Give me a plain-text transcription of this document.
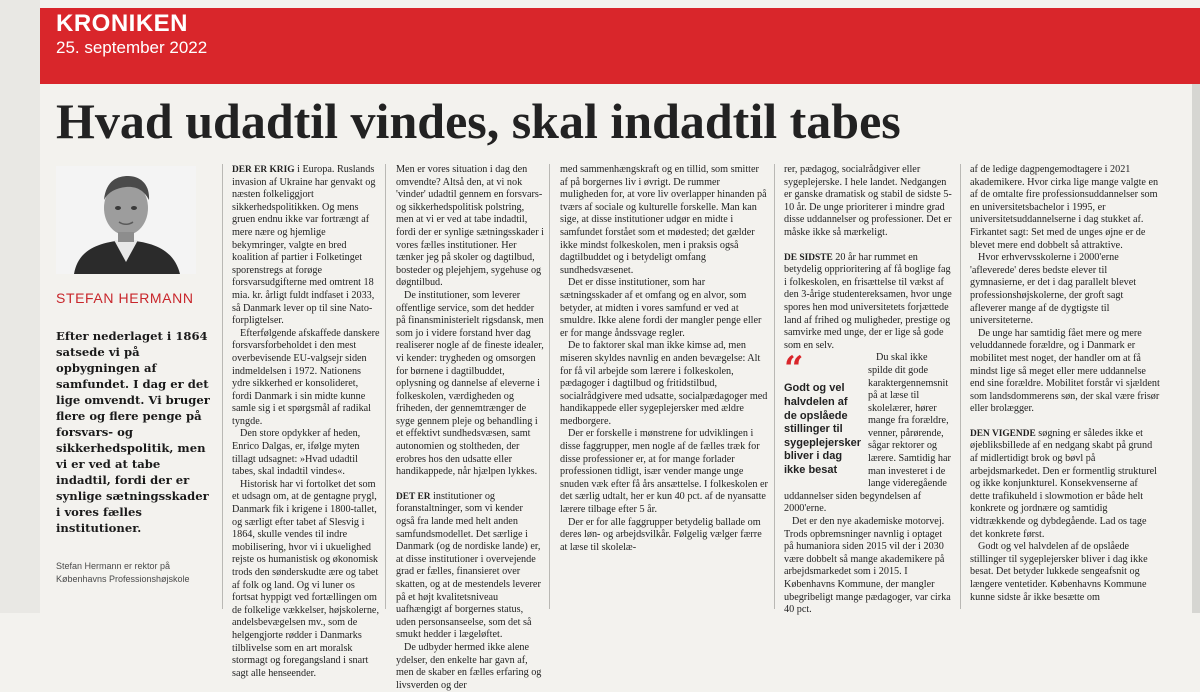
KRONIKEN
25. september 2022
Hvad udadtil vindes, skal indadtil tabes
STEFAN HERMANN
Efter nederlaget i 1864 satsede vi på opbygningen af samfundet. I dag er det lige omvendt. Vi bruger flere og flere penge på forsvars- og sikkerhedspolitik, men vi er ved at tabe indadtil, fordi der er synlige sætningsskader i vores fælles institutioner.
Stefan Hermann er rektor på Københavns Professionshøjskole

DER ER KRIG i Europa. Ruslands invasion af Ukraine har genvakt og næsten folkeliggjort sikkerhedspolitikken. Og mens gruen endnu ikke var fortrængt af mere nære og hjemlige bekymringer, valgte en bred koalition af partier i Folketinget sporenstregs at forøge forsvarsudgifterne med omtrent 18 mia. kr. årligt fuldt indfaset i 2033, så Danmark lever op til sine Nato-forpligtelser.

Efterfølgende afskaffede danskere forsvarsforbeholdet i den mest overbevisende EU-valgsejr siden indmeldelsen i 1972. Nationens ydre sikkerhed er konsolideret, fordi Danmark i sin midte kunne samle sig i et spørgsmål af radikal tyngde.

Den store opdykker af heden, Enrico Dalgas, er, ifølge myten tillagt udsagnet: »Hvad udadtil tabes, skal indadtil vindes«.

Historisk har vi fortolket det som et udsagn om, at de gentagne prygl, Danmark fik i krigene i 1800-tallet, og særligt efter tabet af Slesvig i 1864, skulle vendes til indre mobilisering, hvor vi i ukuelighed rejste os humanistisk og økonomisk trods den sønderskudte ære og tabet af folk og land. Og vi luner os fortsat hyppigt ved fortællingen om de folkelige vækkelser, højskolerne, andelsbevægelsen mv., som de helgengjorte rødder i Danmarks tilblivelse som en art moralsk stormagt og foregangsland i snart sagt alle henseender.

Men er vores situation i dag den omvendte? Altså den, at vi nok 'vinder' udadtil gennem en forsvars- og sikkerhedspolitisk polstring, men at vi er ved at tabe indadtil, fordi der er synlige sætningsskader i vores fælles institutioner. Her tænker jeg på skoler og dagtilbud, bosteder og plejehjem, sygehuse og døgntilbud.

De institutioner, som leverer offentlige service, som det hedder på finansministerielt rigsdansk, men som jo i videre forstand hver dag realiserer nogle af de fineste idealer, vi kender: trygheden og omsorgen for børnene i dagtilbuddet, oplysning og dannelse af eleverne i folkeskolen, værdigheden og friheden, der gennemtrænger de syge gennem pleje og behandling i et effektivt sundhedsvæsen, samt autonomien og stoltheden, der erobres hos den udsatte eller handikappede, når hjælpen lykkes.

DET ER institutioner og foranstaltninger, som vi kender også fra lande med helt anden samfundsmodellet. Det særlige i Danmark (og de nordiske lande) er, at disse institutioner i overvejende grad er fælles, finansieret over skatten, og at de mestendels leverer på et højt kvalitetsniveau uafhængigt af borgernes status, uden personsanseelse, som det så smukt hedder i lægeløftet.

De udbyder hermed ikke alene ydelser, den enkelte har gavn af, men de skaber en fælles erfaring og livsverden og der

med sammenhængskraft og en tillid, som smitter af på borgernes liv i øvrigt. De rummer muligheden for, at vore liv overlapper hinanden på tværs af sociale og kulturelle forskelle. Man kan sige, at disse institutioner udgør en midte i samfundet forstået som et mødested; det gælder ikke mindst folkeskolen, men i praksis også dagtilbuddet og i betydeligt omfang sundhedsvæsenet.

Det er disse institutioner, som har sætningsskader af et omfang og en alvor, som betyder, at midten i vores samfund er ved at smuldre. Ikke alene fordi der mangler penge eller er for mange åndssvage regler.

De to faktorer skal man ikke kimse ad, men miseren skyldes navnlig en anden bevægelse: Alt for få vil arbejde som lærere i folkeskolen, pædagoger i dagtilbud og fritidstilbud, socialrådgivere med udsatte, socialpædagoger med handikappede eller sygeplejersker med ældre medborgere.

Der er forskelle i mønstrene for udviklingen i disse faggrupper, men nogle af de fælles træk for disse professioner er, at for mange forlader professionen tidligt, især vender mange unge snuden væk efter få års ansættelse. I folkeskolen er det særlig udtalt, her er kun 40 pct. af de nyansatte lærere tilbage efter 5 år.

Der er for alle faggrupper betydelig ballade om deres løn- og arbejdsvilkår. Følgelig vælger færre at læse til skolelæ-

rer, pædagog, socialrådgiver eller sygeplejerske. I hele landet. Nedgangen er ganske dramatisk og stabil de sidste 5-10 år. De unge prioriterer i mindre grad disse uddannelser og professioner. Det er måske ikke så mærkeligt.

DE SIDSTE 20 år har rummet en betydelig opprioritering af få boglige fag i folkeskolen, en frisættelse til vækst af den 3-årige studentereksamen, hvor unge spores hen mod universitetets forjættede land af frihed og muligheder, prestige og samvirke med unge, der er lige så gode som en selv.

“
Godt og vel halvdelen af de opslåede stillinger til sygeplejersker bliver i dag ikke besat

Du skal ikke spilde dit gode karaktergennemsnit på at læse til skolelærer, hører mange fra forældre, venner, pårørende, sågar rektorer og lærere. Samtidig har man investeret i de lange videregående uddannelser siden begyndelsen af 2000'erne.

Det er den nye akademiske motorvej. Trods opbremsninger navnlig i optaget på humaniora siden 2015 vil der i 2030 være dobbelt så mange akademikere på arbejdsmarkedet som i 2015. I Københavns Kommune, der mangler ubegribeligt mange pædagoger, var cirka 40 pct.

af de ledige dagpengemodtagere i 2021 akademikere. Hvor cirka lige mange valgte en af de omtalte fire professionsuddannelser som en universitetsbachelor i 1995, er universitetsuddannelserne i dag stukket af. Firkantet sagt: Set med de unges øjne er de blevet mere end dobbelt så attraktive.

Hvor erhvervsskolerne i 2000'erne 'afleverede' deres bedste elever til gymnasierne, er det i dag parallelt blevet professionshøjskolerne, der groft sagt afleverer mange af de dygtigste til universiteterne.

De unge har samtidig fået mere og mere veluddannede forældre, og i Danmark er mobilitet mest noget, der handler om at få mindst lige så meget eller mere uddannelse end sine forældre. Mobilitet forstår vi sjældent som landsdommerens søn, der skal være frisør eller brolægger.

DEN VIGENDE søgning er således ikke et øjebliksbillede af en nedgang skabt på grund af midlertidigt brok og bøvl på arbejdsmarkedet. Den er formentlig strukturel og ikke konjunkturel. Konsekvenserne af dette trafikuheld i slowmotion er både helt konkrete og jordnære og samtidig vidtrækkende og dybdegående. Lad os tage det konkrete først.

Godt og vel halvdelen af de opslåede stillinger til sygeplejersker bliver i dag ikke besat. Det betyder lukkede sengeafsnit og længere ventetider. Københavns Kommune kunne sidste år ikke besætte om
